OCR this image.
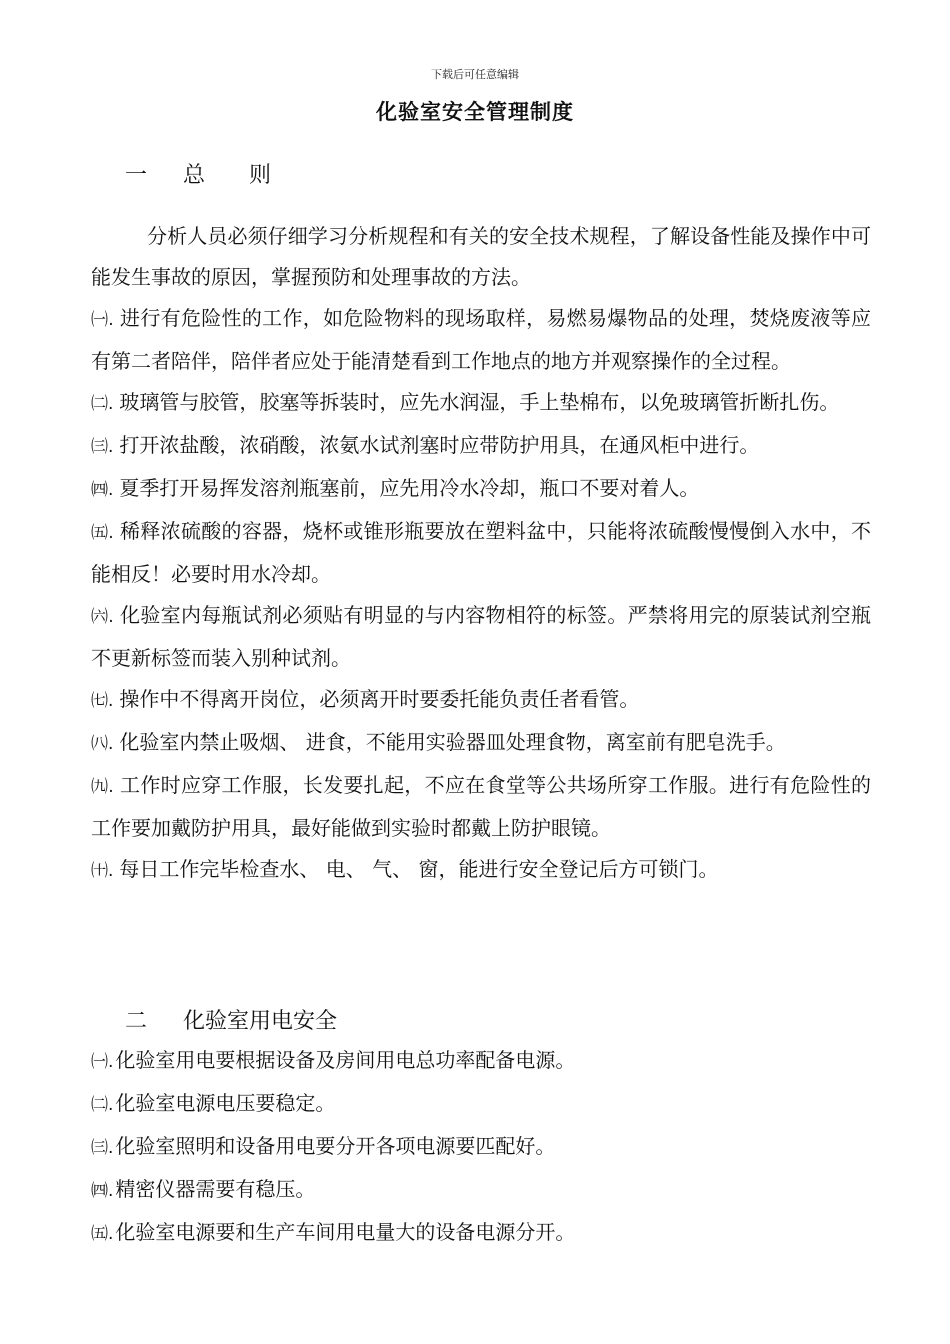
下载后可任意编辑
化验室安全管理制度
一 总则
分析人员必须仔细学习分析规程和有关的安全技术规程，了解设备性能及操作中可能发生事故的原因，掌握预防和处理事故的方法。

㈠. 进行有危险性的工作，如危险物料的现场取样，易燃易爆物品的处理，焚烧废液等应有第二者陪伴，陪伴者应处于能清楚看到工作地点的地方并观察操作的全过程。

㈡. 玻璃管与胶管，胶塞等拆装时，应先水润湿，手上垫棉布，以免玻璃管折断扎伤。

㈢. 打开浓盐酸，浓硝酸，浓氨水试剂塞时应带防护用具，在通风柜中进行。

㈣. 夏季打开易挥发溶剂瓶塞前，应先用冷水冷却，瓶口不要对着人。

㈤. 稀释浓硫酸的容器，烧杯或锥形瓶要放在塑料盆中，只能将浓硫酸慢慢倒入水中，不能相反！必要时用水冷却。

㈥. 化验室内每瓶试剂必须贴有明显的与内容物相符的标签。严禁将用完的原装试剂空瓶不更新标签而装入别种试剂。

㈦. 操作中不得离开岗位，必须离开时要委托能负责任者看管。

㈧. 化验室内禁止吸烟、 进食，不能用实验器皿处理食物，离室前有肥皂洗手。

㈨. 工作时应穿工作服，长发要扎起，不应在食堂等公共场所穿工作服。进行有危险性的工作要加戴防护用具，最好能做到实验时都戴上防护眼镜。

㈩. 每日工作完毕检查水、 电、 气、 窗，能进行安全登记后方可锁门。

二 化验室用电安全

㈠. 化验室用电要根据设备及房间用电总功率配备电源。

㈡. 化验室电源电压要稳定。

㈢. 化验室照明和设备用电要分开各项电源要匹配好。

㈣. 精密仪器需要有稳压。

㈤. 化验室电源要和生产车间用电量大的设备电源分开。
